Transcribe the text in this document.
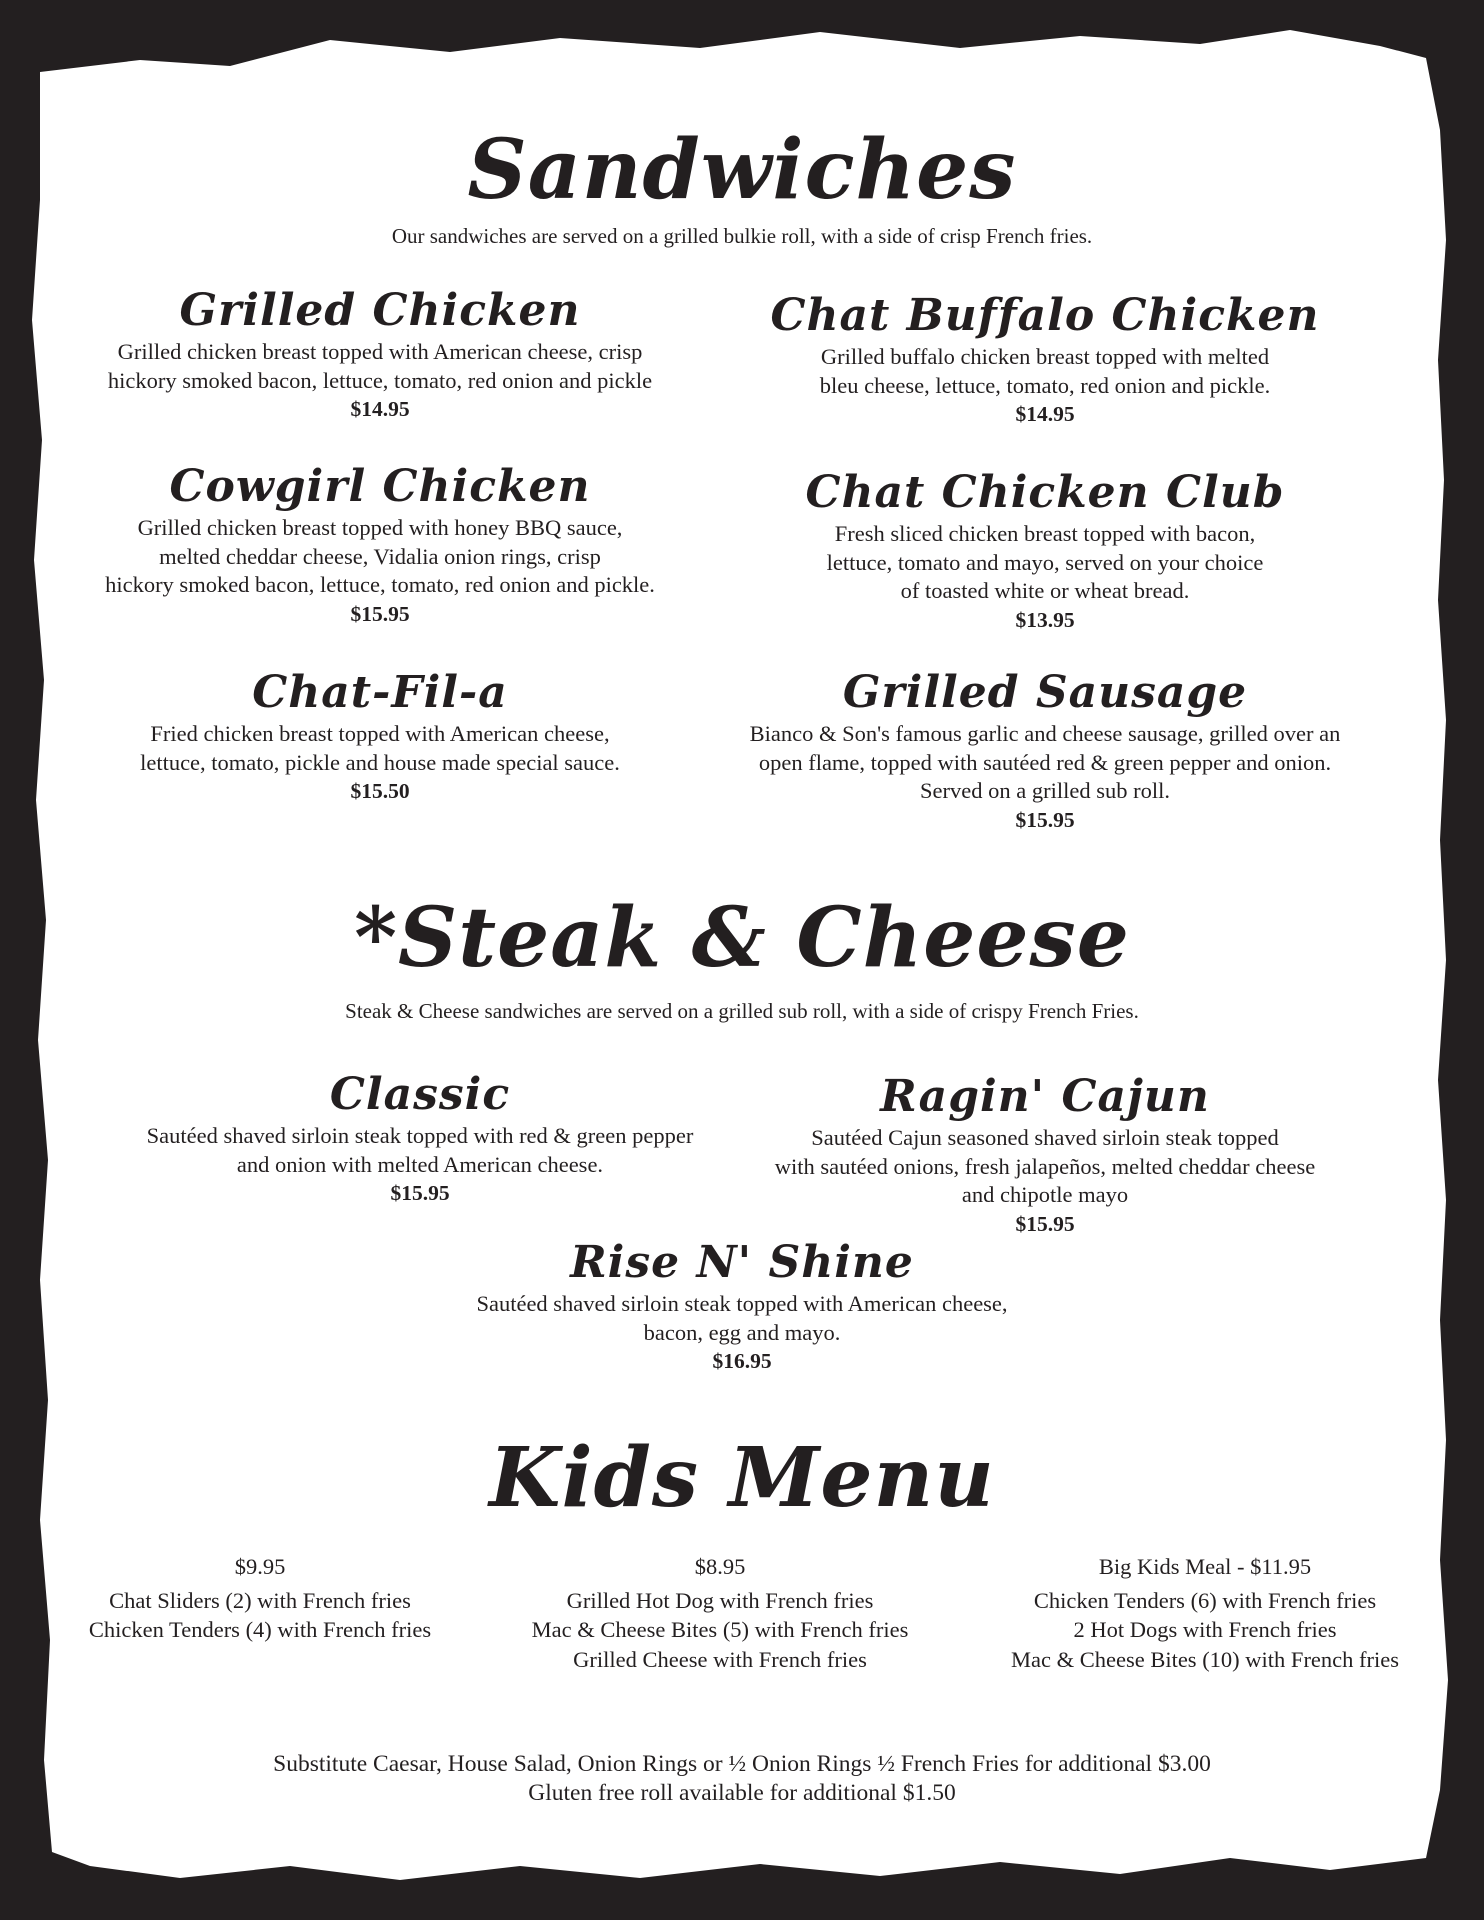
Sandwiches
Our sandwiches are served on a grilled bulkie roll, with a side of crisp French fries.
Grilled Chicken
Grilled chicken breast topped with American cheese, crisp
hickory smoked bacon, lettuce, tomato, red onion and pickle
$14.95
Chat Buffalo Chicken
Grilled buffalo chicken breast topped with melted
bleu cheese, lettuce, tomato, red onion and pickle.
$14.95
Cowgirl Chicken
Grilled chicken breast topped with honey BBQ sauce,
melted cheddar cheese, Vidalia onion rings, crisp
hickory smoked bacon, lettuce, tomato, red onion and pickle.
$15.95
Chat Chicken Club
Fresh sliced chicken breast topped with bacon,
lettuce, tomato and mayo, served on your choice
of toasted white or wheat bread.
$13.95
Chat-Fil-a
Fried chicken breast topped with American cheese,
lettuce, tomato, pickle and house made special sauce.
$15.50
Grilled Sausage
Bianco & Son's famous garlic and cheese sausage, grilled over an
open flame, topped with sautéed red & green pepper and onion.
Served on a grilled sub roll.
$15.95
*Steak & Cheese
Steak & Cheese sandwiches are served on a grilled sub roll, with a side of crispy French Fries.
Classic
Sautéed shaved sirloin steak topped with red & green pepper
and onion with melted American cheese.
$15.95
Ragin' Cajun
Sautéed Cajun seasoned shaved sirloin steak topped
with sautéed onions, fresh jalapeños, melted cheddar cheese
and chipotle mayo
$15.95
Rise N' Shine
Sautéed shaved sirloin steak topped with American cheese,
bacon, egg and mayo.
$16.95
Kids Menu
$9.95
Chat Sliders (2) with French fries
Chicken Tenders (4) with French fries
$8.95
Grilled Hot Dog with French fries
Mac & Cheese Bites (5) with French fries
Grilled Cheese with French fries
Big Kids Meal - $11.95
Chicken Tenders (6) with French fries
2 Hot Dogs with French fries
Mac & Cheese Bites (10) with French fries
Substitute Caesar, House Salad, Onion Rings or ½ Onion Rings ½ French Fries for additional $3.00
Gluten free roll available for additional $1.50
